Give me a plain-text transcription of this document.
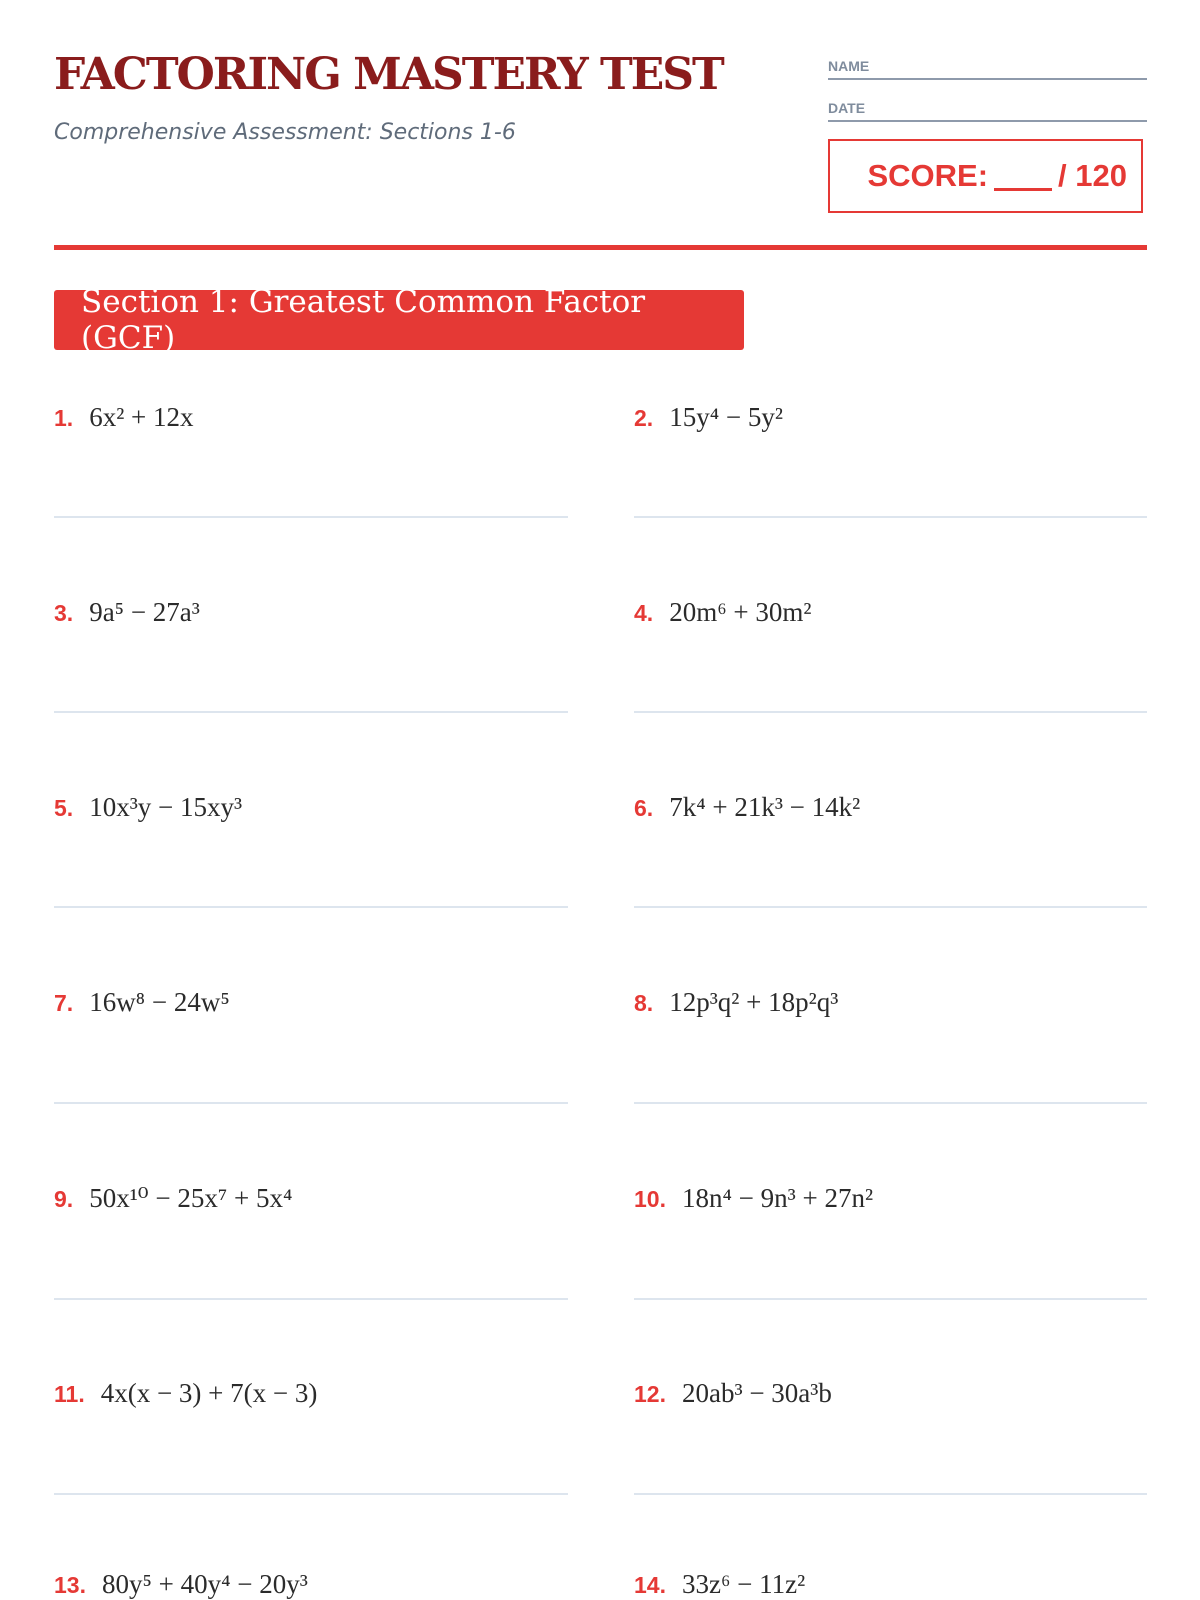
FACTORING MASTERY TEST
Comprehensive Assessment: Sections 1-6
NAME
DATE
SCORE: / 120
Section 1: Greatest Common Factor (GCF)
1. 6x² + 12x	2. 15y⁴ − 5y²
3. 9a⁵ − 27a³	4. 20m⁶ + 30m²
5. 10x³y − 15xy³	6. 7k⁴ + 21k³ − 14k²
7. 16w⁸ − 24w⁵	8. 12p³q² + 18p²q³
9. 50x¹⁰ − 25x⁷ + 5x⁴	10. 18n⁴ − 9n³ + 27n²
11. 4x(x − 3) + 7(x − 3)	12. 20ab³ − 30a³b
13. 80y⁵ + 40y⁴ − 20y³	14. 33z⁶ − 11z²
